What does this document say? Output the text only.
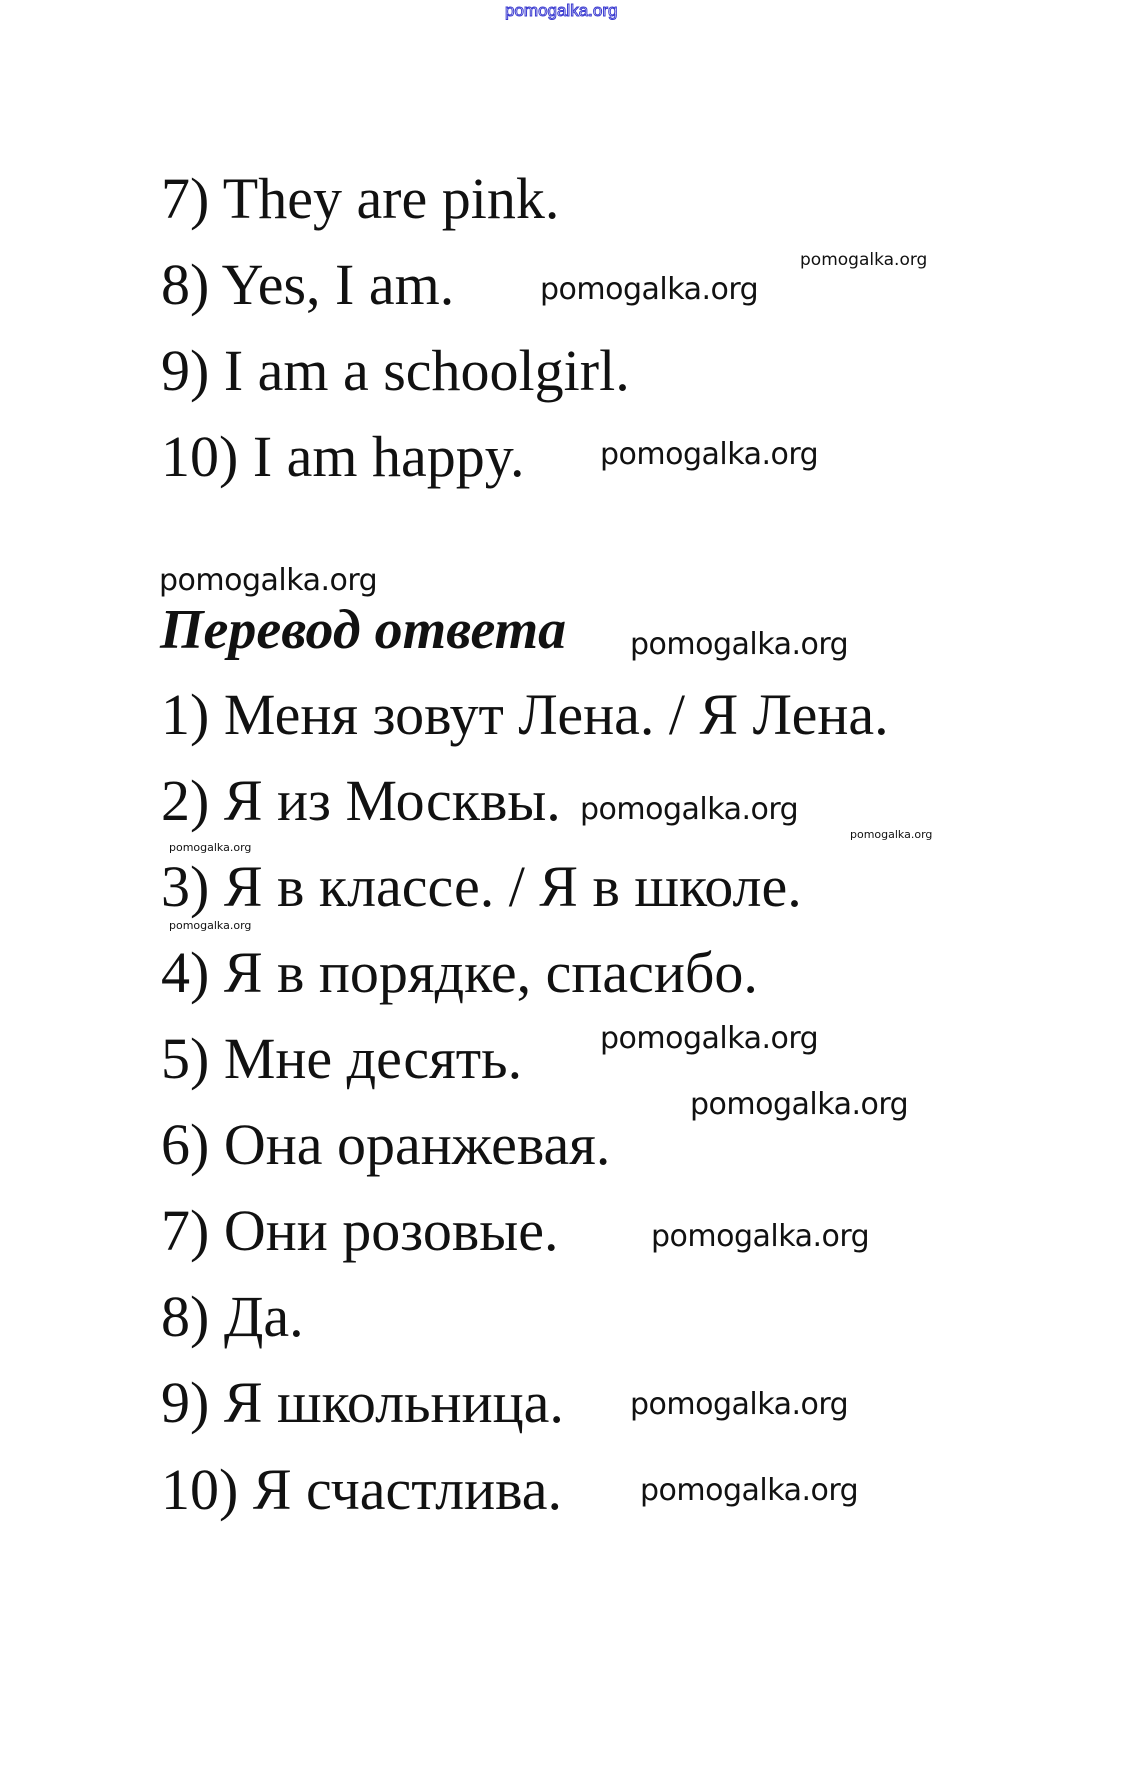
pomogalka.org
7) They are pink.
8) Yes, I am.
9) I am a schoolgirl.
10) I am happy.
Перевод ответа
1) Меня зовут Лена. / Я Лена.
2) Я из Москвы.
3) Я в классе. / Я в школе.
4) Я в порядке, спасибо.
5) Мне десять.
6) Она оранжевая.
7) Они розовые.
8) Да.
9) Я школьница.
10) Я счастлива.
pomogalka.org
pomogalka.org
pomogalka.org
pomogalka.org
pomogalka.org
pomogalka.org
pomogalka.org
pomogalka.org
pomogalka.org
pomogalka.org
pomogalka.org
pomogalka.org
pomogalka.org
pomogalka.org
